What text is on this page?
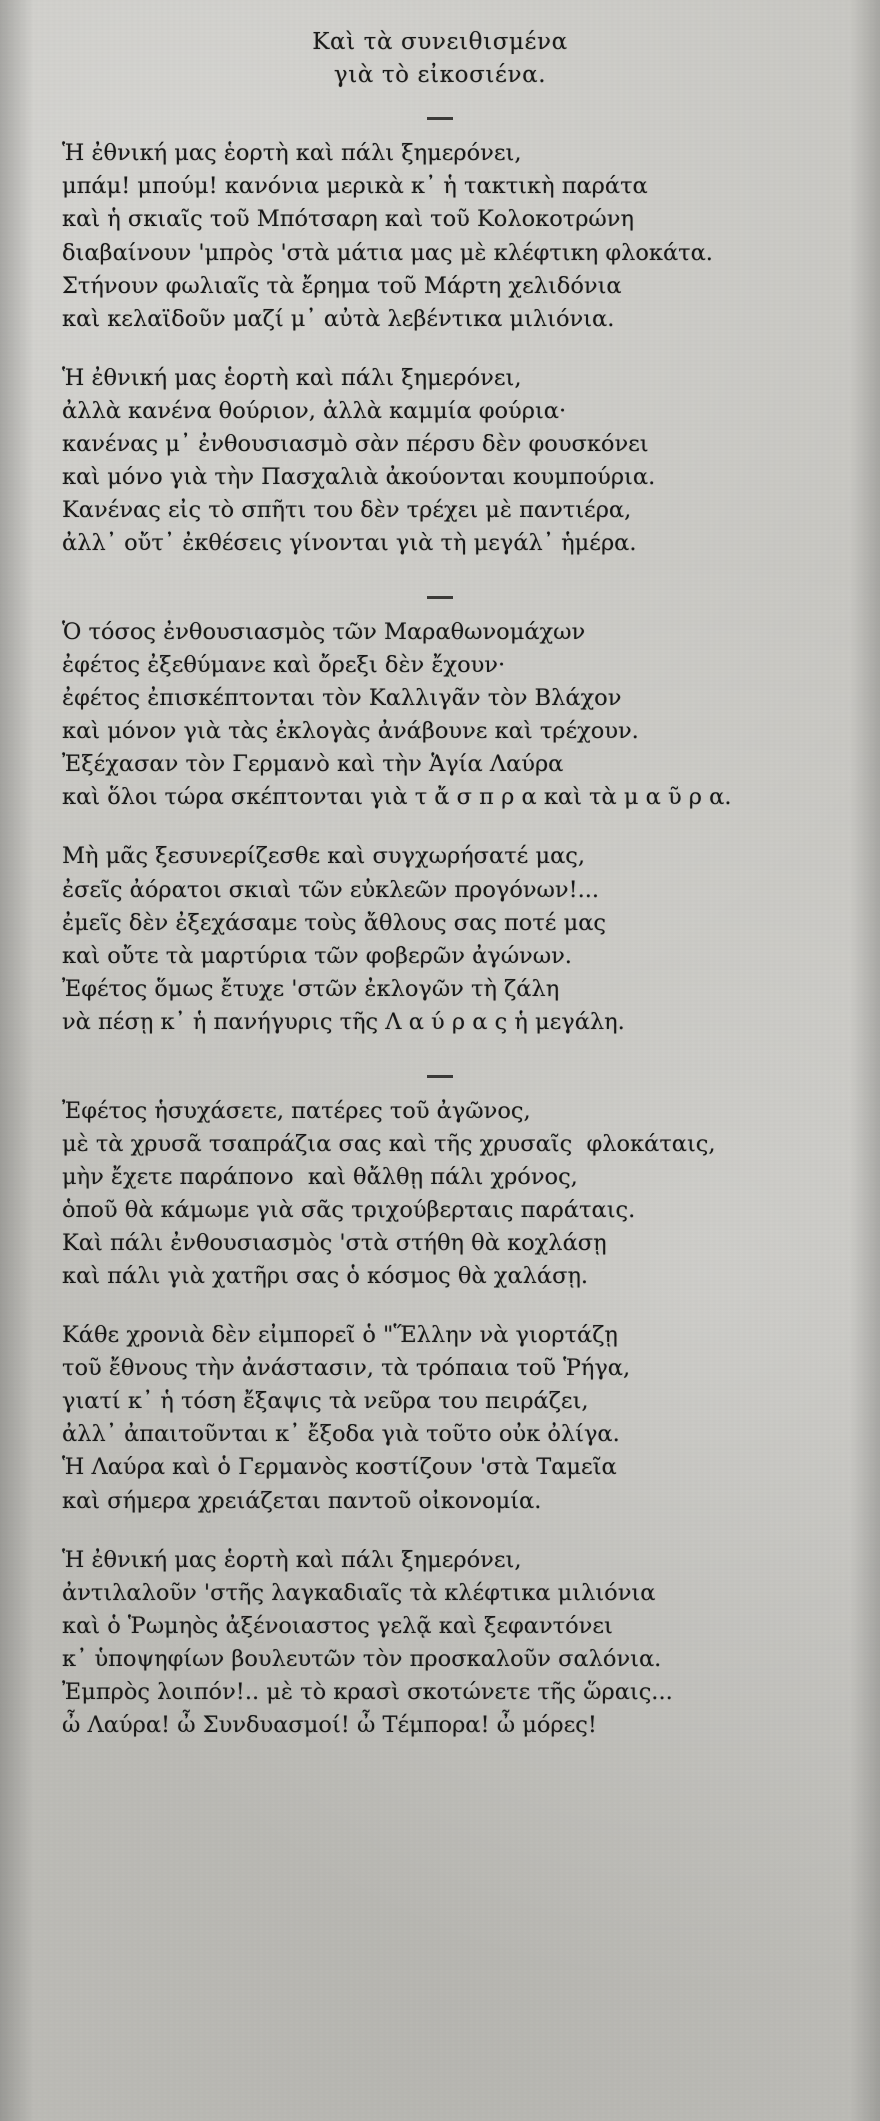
Καὶ τὰ συνειθισμένα
γιὰ τὸ εἰκοσιένα.
Ἡ ἐθνική μας ἑορτὴ καὶ πάλι ξημερόνει,
μπάμ! μπούμ! κανόνια μερικὰ κ᾿ ἡ τακτικὴ παράτα
καὶ ἡ σκιαῖς τοῦ Μπότσαρη καὶ τοῦ Κολοκοτρώνη
διαβαίνουν 'μπρὸς 'στὰ μάτια μας μὲ κλέφτικη φλοκάτα.
Στήνουν φωλιαῖς τὰ ἔρημα τοῦ Μάρτη χελιδόνια
καὶ κελαϊδοῦν μαζί μ᾿ αὐτὰ λεβέντικα μιλιόνια.
Ἡ ἐθνική μας ἑορτὴ καὶ πάλι ξημερόνει,
ἀλλὰ κανένα θούριον, ἀλλὰ καμμία φούρια·
κανένας μ᾿ ἐνθουσιασμὸ σὰν πέρσυ δὲν φουσκόνει
καὶ μόνο γιὰ τὴν Πασχαλιὰ ἀκούονται κουμπούρια.
Κανένας εἰς τὸ σπῆτι του δὲν τρέχει μὲ παντιέρα,
ἀλλ᾿ οὔτ᾿ ἐκθέσεις γίνονται γιὰ τὴ μεγάλ᾿ ἡμέρα.
Ὁ τόσος ἐνθουσιασμὸς τῶν Μαραθωνομάχων
ἐφέτος ἐξεθύμανε καὶ ὄρεξι δὲν ἔχουν·
ἐφέτος ἐπισκέπτονται τὸν Καλλιγᾶν τὸν Βλάχον
καὶ μόνον γιὰ τὰς ἐκλογὰς ἀνάβουνε καὶ τρέχουν.
Ἐξέχασαν τὸν Γερμανὸ καὶ τὴν Ἁγία Λαύρα
καὶ ὅλοι τώρα σκέπτονται γιὰ τ ἄ σ π ρ α καὶ τὰ μ α ῦ ρ α.
Μὴ μᾶς ξεσυνερίζεσθε καὶ συγχωρήσατέ μας,
ἐσεῖς ἀόρατοι σκιαὶ τῶν εὐκλεῶν προγόνων!...
ἐμεῖς δὲν ἐξεχάσαμε τοὺς ἄθλους σας ποτέ μας
καὶ οὔτε τὰ μαρτύρια τῶν φοβερῶν ἀγώνων.
Ἐφέτος ὅμως ἔτυχε 'στῶν ἐκλογῶν τὴ ζάλη
νὰ πέσῃ κ᾿ ἡ πανήγυρις τῆς Λ α ύ ρ α ς ἡ μεγάλη.
Ἐφέτος ἡσυχάσετε, πατέρες τοῦ ἀγῶνος,
μὲ τὰ χρυσᾶ τσαπράζια σας καὶ τῆς χρυσαῖς  φλοκάταις,
μὴν ἔχετε παράπονο  καὶ θἄλθῃ πάλι χρόνος,
ὁποῦ θὰ κάμωμε γιὰ σᾶς τριχούβερταις παράταις.
Καὶ πάλι ἐνθουσιασμὸς 'στὰ στήθη θὰ κοχλάσῃ
καὶ πάλι γιὰ χατῆρι σας ὁ κόσμος θὰ χαλάσῃ.
Κάθε χρονιὰ δὲν εἰμπορεῖ ὁ "Ἕλλην νὰ γιορτάζῃ
τοῦ ἔθνους τὴν ἀνάστασιν, τὰ τρόπαια τοῦ Ῥήγα,
γιατί κ᾿ ἡ τόση ἔξαψις τὰ νεῦρα του πειράζει,
ἀλλ᾿ ἀπαιτοῦνται κ᾿ ἔξοδα γιὰ τοῦτο οὐκ ὀλίγα.
Ἡ Λαύρα καὶ ὁ Γερμανὸς κοστίζουν 'στὰ Ταμεῖα
καὶ σήμερα χρειάζεται παντοῦ οἰκονομία.
Ἡ ἐθνική μας ἑορτὴ καὶ πάλι ξημερόνει,
ἀντιλαλοῦν 'στῆς λαγκαδιαῖς τὰ κλέφτικα μιλιόνια
καὶ ὁ Ῥωμηὸς ἀξένοιαστος γελᾷ καὶ ξεφαντόνει
κ᾿ ὑποψηφίων βουλευτῶν τὸν προσκαλοῦν σαλόνια.
Ἐμπρὸς λοιπόν!.. μὲ τὸ κρασὶ σκοτώνετε τῆς ὥραις...
ὦ Λαύρα! ὦ Συνδυασμοί! ὦ Τέμπορα! ὦ μόρες!
